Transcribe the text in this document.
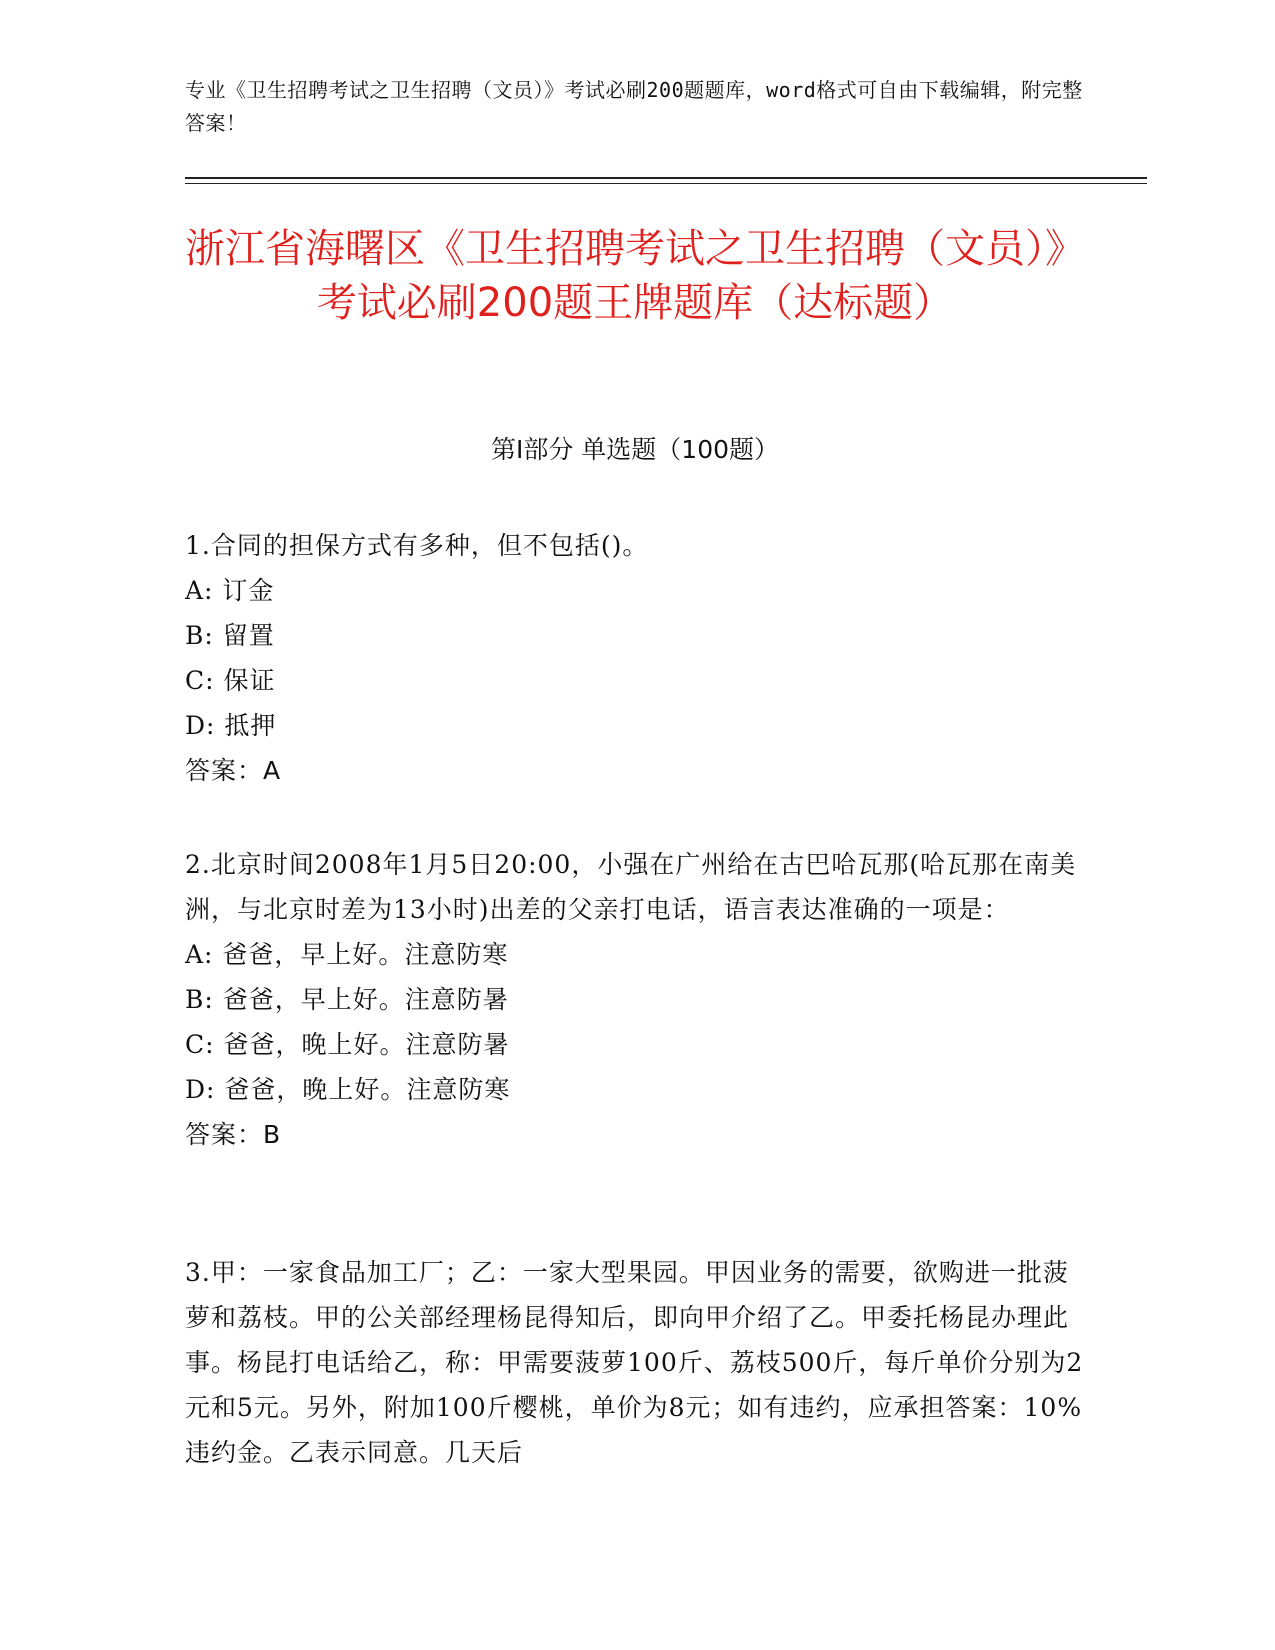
专业《卫生招聘考试之卫生招聘（文员）》考试必刷200题题库，word格式可自由下载编辑，附完整答案！
浙江省海曙区《卫生招聘考试之卫生招聘（文员）》考试必刷200题王牌题库（达标题）
第Ⅰ部分 单选题（100题）
1.合同的担保方式有多种，但不包括()。
A: 订金
B: 留置
C: 保证
D: 抵押
答案：A
2.北京时间2008年1月5日20:00，小强在广州给在古巴哈瓦那(哈瓦那在南美洲，与北京时差为13小时)出差的父亲打电话，语言表达准确的一项是：
A: 爸爸，早上好。注意防寒
B: 爸爸，早上好。注意防暑
C: 爸爸，晚上好。注意防暑
D: 爸爸，晚上好。注意防寒
答案：B
3.甲：一家食品加工厂；乙：一家大型果园。甲因业务的需要，欲购进一批菠萝和荔枝。甲的公关部经理杨昆得知后，即向甲介绍了乙。甲委托杨昆办理此事。杨昆打电话给乙，称：甲需要菠萝100斤、荔枝500斤，每斤单价分别为2元和5元。另外，附加100斤樱桃，单价为8元；如有违约，应承担答案：10%违约金。乙表示同意。几天后
